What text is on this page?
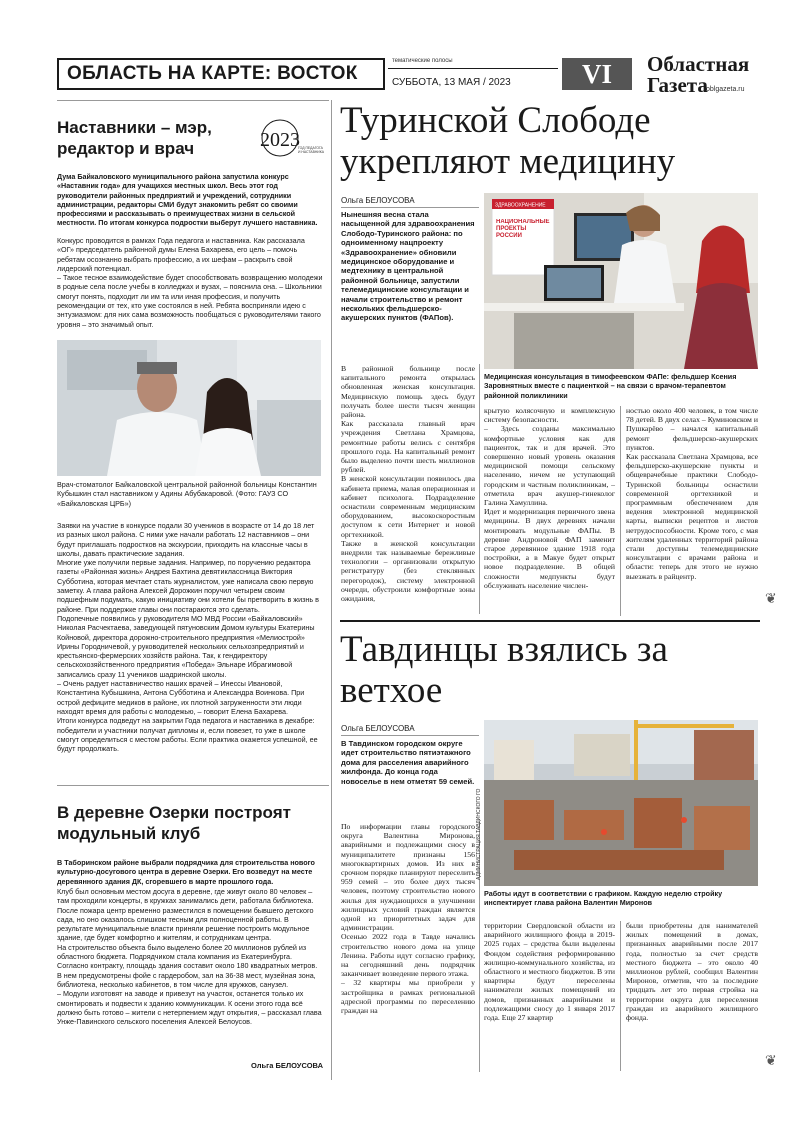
ОБЛАСТЬ НА КАРТЕ: ВОСТОК
тематические полосы
СУББОТА, 13 МАЯ / 2023	VI	Областная
Газета
oblgazeta.ru
Наставники – мэр, редактор и врач	2023
ГОД ПЕДАГОГА И НАСТАВНИКА
Дума Байкаловского муниципального района запустила конкурс «Наставник года» для учащихся местных школ. Весь этот год руководители районных предприятий и учреждений, сотрудники администрации, редакторы СМИ будут знакомить ребят со своими профессиями и рассказывать о преимуществах жизни в сельской местности. По итогам конкурса подростки выберут лучшего наставника.
Конкурс проводится в рамках Года педагога и наставника. Как рассказала «ОГ» председатель районной думы Елена Бахарева, его цель – помочь ребятам осознанно выбрать профессию, а их шефам – раскрыть свой лидерский потенциал.
– Такое тесное взаимодействие будет способствовать возвращению молодежи в родные села после учебы в колледжах и вузах, – пояснила она. – Школьники смогут понять, подходит ли им та или иная профессия, и получить рекомендации от тех, кто уже состоялся в ней. Ребята восприняли идею с энтузиазмом: для них сама возможность пообщаться с руководителями такого уровня – это значимый опыт.
Врач-стоматолог Байкаловской центральной районной больницы Константин Кубышкин стал наставником у Адины Абубакаровой. (Фото: ГАУЗ СО «Байкаловская ЦРБ»)
Заявки на участие в конкурсе подали 30 учеников в возрасте от 14 до 18 лет из разных школ района. С ними уже начали работать 12 наставников – они будут приглашать подростков на экскурсии, приходить на классные часы в школы, давать практические задания.
Многие уже получили первые задания. Например, по поручению редактора газеты «Районная жизнь» Андрея Бахтина девятиклассница Виктория Субботина, которая мечтает стать журналистом, уже написала свою первую заметку. А глава района Алексей Дорожкин поручил четырем своим подшефным подумать, какую инициативу они хотели бы претворить в жизнь в районе. При поддержке главы они постараются это сделать.
Подопечные появились у руководителя МО МВД России «Байкаловский» Николая Расчектаева, заведующей пятуновским Домом культуры Екатерины Койновой, директора дорожно-строительного предприятия «Мелиострой» Ирины Городничевой, у руководителей нескольких сельхозпредприятий и крестьянско-фермерских хозяйств района. Так, к гендиректору сельскохозяйственного предприятия «Победа» Эльнаре Ибрагимовой записались сразу 11 учеников шадринской школы.
– Очень радует наставничество наших врачей – Инессы Ивановой, Константина Кубышкина, Антона Субботина и Александра Воинкова. При острой дефиците медиков в районе, их плотной загруженности эти люди находят время для работы с молодежью, – говорит Елена Бахарева.
Итоги конкурса подведут на закрытии Года педагога и наставника в декабре: победители и участники получат дипломы и, если повезет, то уже в школе смогут определиться с местом работы. Если практика окажется успешной, ее будут продолжать.
В деревне Озерки построят модульный клуб
В Таборинском районе выбрали подрядчика для строительства нового культурно-досугового центра в деревне Озерки. Его возведут на месте деревянного здания ДК, сгоревшего в марте прошлого года.
Клуб был основным местом досуга в деревне, где живут около 80 человек – там проходили концерты, в кружках занимались дети, работала библиотека. После пожара центр временно разместился в помещении бывшего детского сада, но оно оказалось слишком тесным для полноценной работы. В результате муниципальные власти приняли решение построить модульное здание, где будет комфортно и жителям, и сотрудникам центра.
На строительство объекта было выделено более 20 миллионов рублей из областного бюджета. Подрядчиком стала компания из Екатеринбурга. Согласно контракту, площадь здания составит около 180 квадратных метров. В нем предусмотрены фойе с гардеробом, зал на 36-38 мест, музейная зона, библиотека, несколько кабинетов, в том числе для кружков, санузел.
– Модули изготовят на заводе и привезут на участок, останется только их смонтировать и подвести к зданию коммуникации. К осени этого года всё должно быть готово – жители с нетерпением ждут открытия, – рассказал глава Унже-Павинского сельского поселения Алексей Белоусов.
Ольга БЕЛОУСОВА
Туринской Слободе укрепляют медицину
Ольга БЕЛОУСОВА
Нынешняя весна стала насыщенной для здравоохранения Слободо-Туринского района: по одноименному нацпроекту «Здравоохранение» обновили медицинское оборудование и медтехнику в центральной районной больнице, запустили телемедицинские консультации и начали строительство и ремонт нескольких фельдшерско-акушерских пунктов (ФАПов).
ЗДРАВООХРАНЕНИЕ
НАЦИОНАЛЬНЫЕ ПРОЕКТЫ РОССИИ
Медицинская консультация в тимофеевском ФАПе: фельдшер Ксения Заровнятных вместе с пациенткой – на связи с врачом-терапевтом районной поликлиники
В районной больнице после капитального ремонта открылась обновленная женская консультация. Медицинскую помощь здесь будут получать более шести тысяч женщин района.
Как рассказала главный врач учреждения Светлана Храмцова, ремонтные работы велись с сентября прошлого года. На капитальный ремонт было выделено почти шесть миллионов рублей.
В женской консультации появилось два кабинета приема, малая операционная и кабинет психолога. Подразделение оснастили современным медицинским оборудованием, высокоскоростным доступом к сети Интернет и новой оргтехникой.
Также в женской консультации внедрили так называемые бережливые технологии – организовали открытую регистратуру (без стеклянных перегородок), систему электронной очереди, обустроили комфортные зоны ожидания,
крытую колясочную и комплексную систему безопасности.
– Здесь созданы максимально комфортные условия как для пациенток, так и для врачей. Это совершенно новый уровень оказания медицинской помощи сельскому населению, ничем не уступающий городским и частным поликлиникам, – отметила врач акушер-гинеколог Галина Хамуллина.
Идет и модернизация первичного звена медицины. В двух деревнях начали монтировать модульные ФАПы. В деревне Андроновой ФАП заменит старое деревянное здание 1918 года постройки, а в Макуе будет открыт новое подразделение. В общей сложности медпункты будут обслуживать население числен-
ностью около 400 человек, в том числе 78 детей. В двух селах – Куминовском и Пушкарёво – начался капитальный ремонт фельдшерско-акушерских пунктов.
Как рассказала Светлана Храмцова, все фельдшерско-акушерские пункты и общеврачебные практики Слободо-Туринской больницы оснастили современной оргтехникой и программным обеспечением для ведения электронной медицинской карты, выписки рецептов и листов нетрудоспособности. Кроме того, с мая жителям удаленных территорий района стали доступны телемедицинские консультации с врачами района и области: теперь для этого не нужно выезжать в райцентр.
Тавдинцы взялись за ветхое
Ольга БЕЛОУСОВА
В Тавдинском городском округе идет строительство пятиэтажного дома для расселения аварийного жилфонда. До конца года новоселье в нем отметят 59 семей.
АДМИНИСТРАЦИЯ ТАВДИНСКОГО ГО
Работы идут в соответствии с графиком. Каждую неделю стройку инспектирует глава района Валентин Миронов
По информации главы городского округа Валентина Миронова, аварийными и подлежащими сносу в муниципалитете признаны 156 многоквартирных домов. Из них в срочном порядке планируют переселить 959 семей – это более двух тысяч человек, поэтому строительство нового жилья для нуждающихся в улучшении жилищных условий граждан является одной из приоритетных задач для администрации.
Осенью 2022 года в Тавде начались строительство нового дома на улице Ленина. Работы идут согласно графику, на сегодняшний день подрядчик заканчивает возведение первого этажа.
– 32 квартиры мы приобрели у застройщика в рамках региональной адресной программы по переселению граждан на
территории Свердловской области из аварийного жилищного фонда в 2019-2025 годах – средства были выделены Фондом содействия реформированию жилищно-коммунального хозяйства, из областного и местного бюджетов. В эти квартиры будут переселены наниматели жилых помещений из домов, признанных аварийными и подлежащими сносу до 1 января 2017 года. Еще 27 квартир
были приобретены для нанимателей жилых помещений в домах, признанных аварийными после 2017 года, полностью за счет средств местного бюджета – это около 40 миллионов рублей, сообщил Валентин Миронов, отметив, что за последние тридцать лет это первая стройка на территории округа для переселения граждан из аварийного жилищного фонда.
❦
❦
